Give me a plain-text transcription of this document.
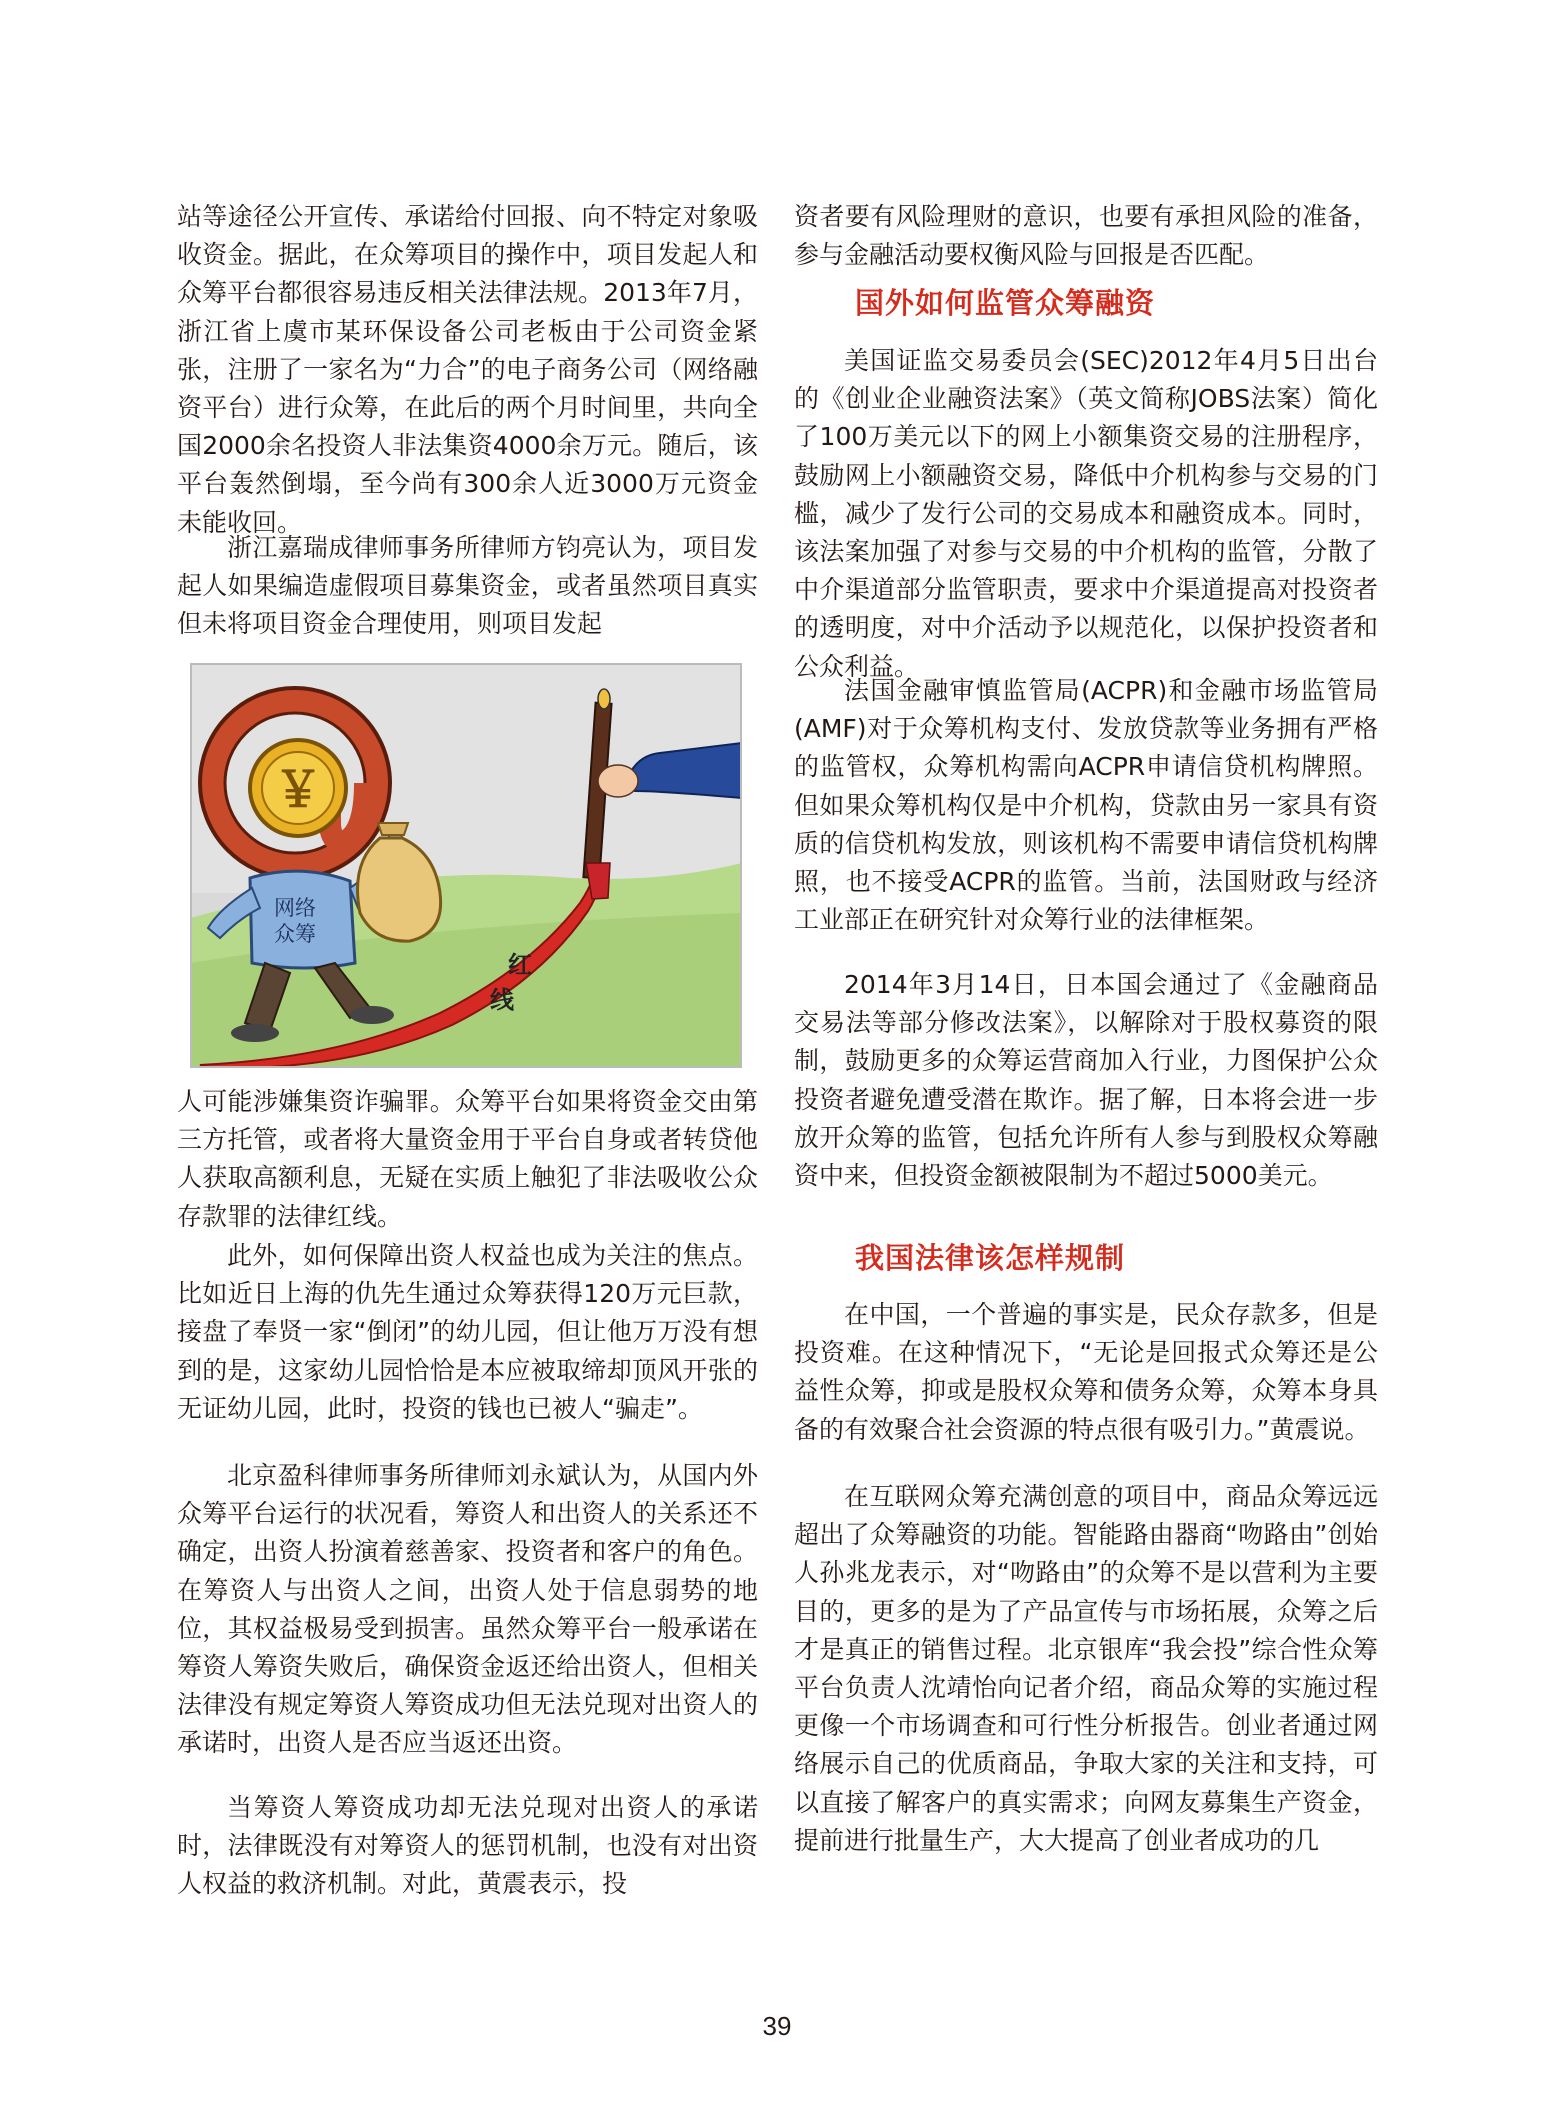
站等途径公开宣传、承诺给付回报、向不特定对象吸收资金。据此，在众筹项目的操作中，项目发起人和众筹平台都很容易违反相关法律法规。2013年7月，浙江省上虞市某环保设备公司老板由于公司资金紧张，注册了一家名为“力合”的电子商务公司（网络融资平台）进行众筹，在此后的两个月时间里，共向全国2000余名投资人非法集资4000余万元。随后，该平台轰然倒塌，至今尚有300余人近3000万元资金未能收回。

浙江嘉瑞成律师事务所律师方钧亮认为，项目发起人如果编造虚假项目募集资金，或者虽然项目真实但未将项目资金合理使用，则项目发起

红
线
￥
网络
众筹

人可能涉嫌集资诈骗罪。众筹平台如果将资金交由第三方托管，或者将大量资金用于平台自身或者转贷他人获取高额利息，无疑在实质上触犯了非法吸收公众存款罪的法律红线。

此外，如何保障出资人权益也成为关注的焦点。比如近日上海的仇先生通过众筹获得120万元巨款，接盘了奉贤一家“倒闭”的幼儿园，但让他万万没有想到的是，这家幼儿园恰恰是本应被取缔却顶风开张的无证幼儿园，此时，投资的钱也已被人“骗走”。

北京盈科律师事务所律师刘永斌认为，从国内外众筹平台运行的状况看，筹资人和出资人的关系还不确定，出资人扮演着慈善家、投资者和客户的角色。在筹资人与出资人之间，出资人处于信息弱势的地位，其权益极易受到损害。虽然众筹平台一般承诺在筹资人筹资失败后，确保资金返还给出资人，但相关法律没有规定筹资人筹资成功但无法兑现对出资人的承诺时，出资人是否应当返还出资。

当筹资人筹资成功却无法兑现对出资人的承诺时，法律既没有对筹资人的惩罚机制，也没有对出资人权益的救济机制。对此，黄震表示，投

资者要有风险理财的意识，也要有承担风险的准备，参与金融活动要权衡风险与回报是否匹配。

国外如何监管众筹融资

美国证监交易委员会(SEC)2012年4月5日出台的《创业企业融资法案》（英文简称JOBS法案）简化了100万美元以下的网上小额集资交易的注册程序，鼓励网上小额融资交易，降低中介机构参与交易的门槛，减少了发行公司的交易成本和融资成本。同时，该法案加强了对参与交易的中介机构的监管，分散了中介渠道部分监管职责，要求中介渠道提高对投资者的透明度，对中介活动予以规范化，以保护投资者和公众利益。

法国金融审慎监管局(ACPR)和金融市场监管局(AMF)对于众筹机构支付、发放贷款等业务拥有严格的监管权，众筹机构需向ACPR申请信贷机构牌照。但如果众筹机构仅是中介机构，贷款由另一家具有资质的信贷机构发放，则该机构不需要申请信贷机构牌照，也不接受ACPR的监管。当前，法国财政与经济工业部正在研究针对众筹行业的法律框架。

2014年3月14日，日本国会通过了《金融商品交易法等部分修改法案》，以解除对于股权募资的限制，鼓励更多的众筹运营商加入行业，力图保护公众投资者避免遭受潜在欺诈。据了解，日本将会进一步放开众筹的监管，包括允许所有人参与到股权众筹融资中来，但投资金额被限制为不超过5000美元。

我国法律该怎样规制

在中国，一个普遍的事实是，民众存款多，但是投资难。在这种情况下，“无论是回报式众筹还是公益性众筹，抑或是股权众筹和债务众筹，众筹本身具备的有效聚合社会资源的特点很有吸引力。”黄震说。

在互联网众筹充满创意的项目中，商品众筹远远超出了众筹融资的功能。智能路由器商“吻路由”创始人孙兆龙表示，对“吻路由”的众筹不是以营利为主要目的，更多的是为了产品宣传与市场拓展，众筹之后才是真正的销售过程。北京银库“我会投”综合性众筹平台负责人沈靖怡向记者介绍，商品众筹的实施过程更像一个市场调查和可行性分析报告。创业者通过网络展示自己的优质商品，争取大家的关注和支持，可以直接了解客户的真实需求；向网友募集生产资金，提前进行批量生产，大大提高了创业者成功的几

39
